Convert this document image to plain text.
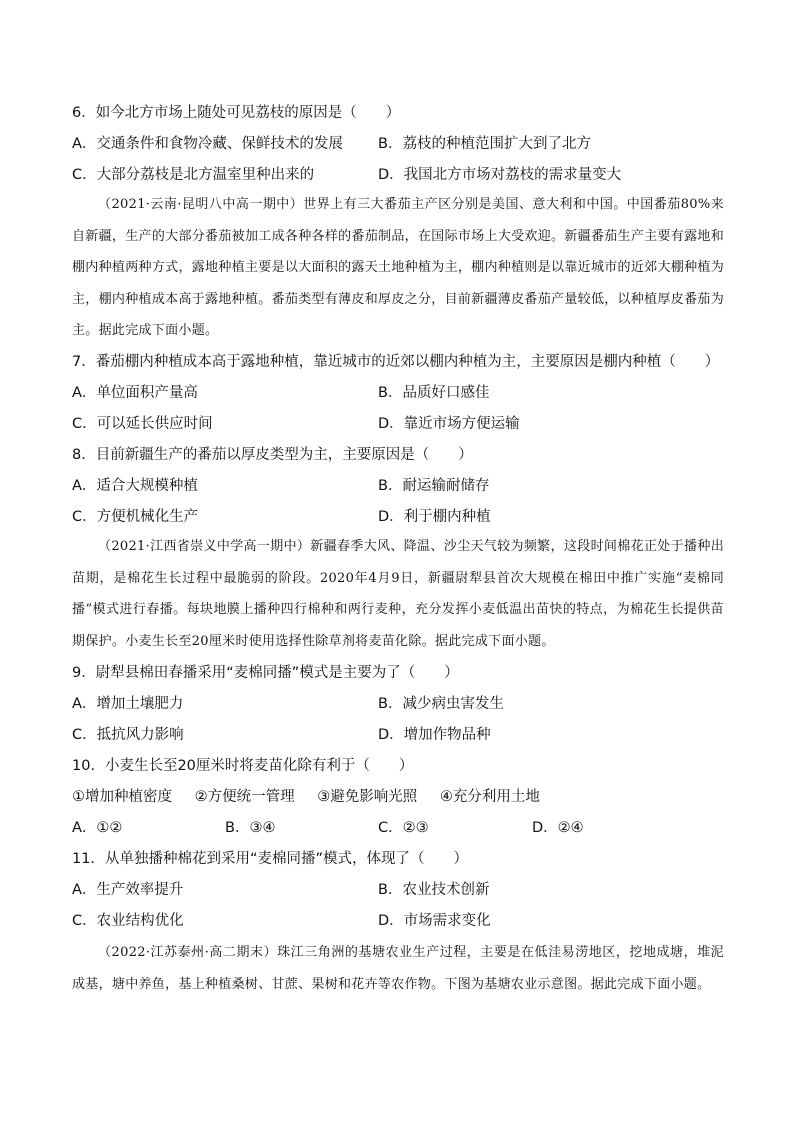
6．如今北方市场上随处可见荔枝的原因是（　　）
A．交通条件和食物冷藏、保鲜技术的发展 B．荔枝的种植范围扩大到了北方
C．大部分荔枝是北方温室里种出来的	D．我国北方市场对荔枝的需求量变大
（2021·云南·昆明八中高一期中）世界上有三大番茄主产区分别是美国、意大利和中国。中国番茄80%来自新疆，生产的大部分番茄被加工成各种各样的番茄制品，在国际市场上大受欢迎。新疆番茄生产主要有露地和棚内种植两种方式，露地种植主要是以大面积的露天土地种植为主，棚内种植则是以靠近城市的近郊大棚种植为主，棚内种植成本高于露地种植。番茄类型有薄皮和厚皮之分，目前新疆薄皮番茄产量较低，以种植厚皮番茄为主。据此完成下面小题。
7．番茄棚内种植成本高于露地种植，靠近城市的近郊以棚内种植为主，主要原因是棚内种植（　　）
A．单位面积产量高	B．品质好口感佳
C．可以延长供应时间	D．靠近市场方便运输
8．目前新疆生产的番茄以厚皮类型为主，主要原因是（　　）
A．适合大规模种植	B．耐运输耐储存
C．方便机械化生产	D．利于棚内种植
（2021·江西省崇义中学高一期中）新疆春季大风、降温、沙尘天气较为频繁，这段时间棉花正处于播种出苗期，是棉花生长过程中最脆弱的阶段。2020年4月9日，新疆尉犁县首次大规模在棉田中推广实施“麦棉同播”模式进行春播。每块地膜上播种四行棉种和两行麦种，充分发挥小麦低温出苗快的特点，为棉花生长提供苗期保护。小麦生长至20厘米时使用选择性除草剂将麦苗化除。据此完成下面小题。
9．尉犁县棉田春播采用“麦棉同播”模式是主要为了（　　）
A．增加土壤肥力	B．减少病虫害发生
C．抵抗风力影响	D．增加作物品种
10．小麦生长至20厘米时将麦苗化除有利于（　　）
①增加种植密度 ②方便统一管理 ③避免影响光照 ④充分利用土地
A．①②	B．③④	C．②③	D．②④
11．从单独播种棉花到采用“麦棉同播”模式，体现了（　　）
A．生产效率提升	B．农业技术创新
C．农业结构优化	D．市场需求变化
（2022·江苏泰州·高二期末）珠江三角洲的基塘农业生产过程，主要是在低洼易涝地区，挖地成塘，堆泥成基，塘中养鱼，基上种植桑树、甘蔗、果树和花卉等农作物。下图为基塘农业示意图。据此完成下面小题。
